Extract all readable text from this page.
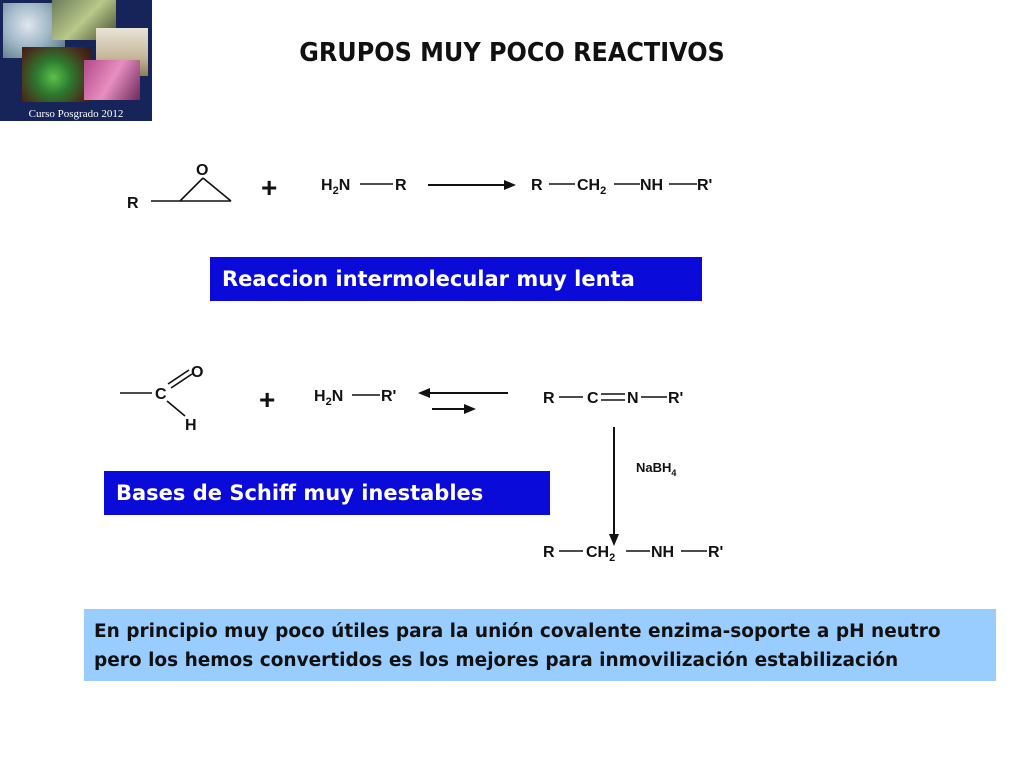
Curso Posgrado 2012
GRUPOS MUY POCO REACTIVOS
O
R
+	$H_2N$	R	R $CH_2$ NH R'
C
O
H
+ $H_2N$ R'	R C N R'
NaBH$_4$
R $CH_2$ NH R'
Reaccion intermolecular muy lenta
Bases de Schiff muy inestables
En principio muy poco útiles para la unión covalente enzima-soporte a pH neutro pero los hemos convertidos es los mejores para inmovilización estabilización
